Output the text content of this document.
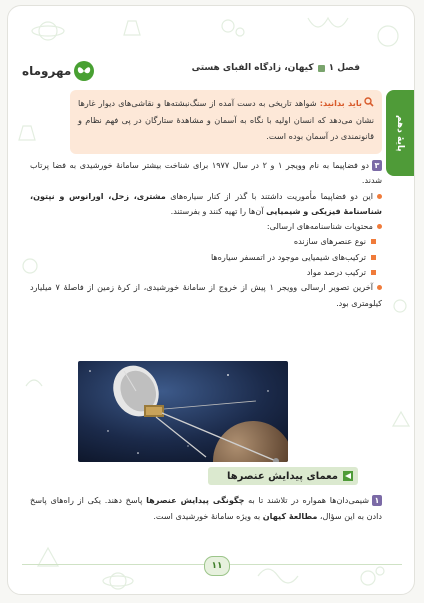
مهروماه	فصل ۱
کیهان، زادگاه الفبای هستی
پایهٔ دهم
باید بدانید: شواهد تاریخی به دست آمده از سنگ‌نبشته‌ها و نقاشی‌های دیوار غارها نشان می‌دهد که انسان اولیه با نگاه به آسمان و مشاهدهٔ ستارگان در پی فهم نظام و قانونمندی در آسمان بوده است.

۳دو فضاپیما به نام وویجر ۱ و ۲ در سال ۱۹۷۷ برای شناخت بیشتر سامانهٔ خورشیدی به فضا پرتاب شدند.

این دو فضاپیما مأموریت داشتند با گذر از کنار سیاره‌های مشتری، زحل، اورانوس و نپتون، شناسنامهٔ فیزیکی و شیمیایی آن‌ها را تهیه کنند و بفرستند.

محتویات شناسنامه‌های ارسالی:

نوع عنصرهای سازنده

ترکیب‌های شیمیایی موجود در اتمسفر سیاره‌ها

ترکیب درصد مواد

آخرین تصویر ارسالی وویجر ۱ پیش از خروج از سامانهٔ خورشیدی، از کرهٔ زمین از فاصلهٔ ۷ میلیارد کیلومتری بود.

معمای پیدایش عنصرها

۱شیمی‌دان‌ها همواره در تلاشند تا به چگونگی پیدایش عنصرها پاسخ دهند. یکی از راه‌های پاسخ دادن به این سؤال، مطالعهٔ کیهان به ویژه سامانهٔ خورشیدی است.

۱۱
